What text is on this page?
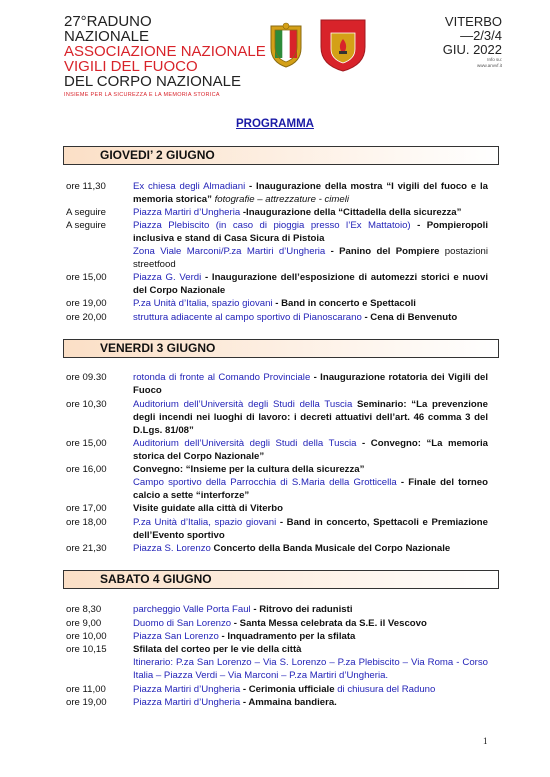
27°RADUNO
NAZIONALE
ASSOCIAZIONE NAZIONALE
VIGILI DEL FUOCO
DEL CORPO NAZIONALE
INSIEME PER LA SICUREZZA E LA MEMORIA STORICA
VITERBO
—2/3/4
GIU. 2022
Info su:
www.anvvf.it
PROGRAMMA
GIOVEDI’ 2 GIUGNO
VENERDI 3 GIUGNO
SABATO 4 GIUGNO
ore 11,30	Ex chiesa degli Almadiani - Inaugurazione della mostra “I vigili del fuoco e la memoria storica” fotografie – attrezzature - cimeli
A seguire	Piazza Martiri d’Ungheria -Inaugurazione della “Cittadella della sicurezza”
A seguire	Piazza Plebiscito (in caso di pioggia presso l’Ex Mattatoio) - Pompieropoli inclusiva e stand di Casa Sicura di Pistoia
Zona Viale Marconi/P.za Martiri d’Ungheria - Panino del Pompiere postazioni streetfood
ore 15,00	Piazza G. Verdi - Inaugurazione dell’esposizione di automezzi storici e nuovi del Corpo Nazionale
ore 19,00	P.za Unità d’Italia, spazio giovani - Band in concerto e Spettacoli
ore 20,00	struttura adiacente al campo sportivo di Pianoscarano - Cena di Benvenuto
ore 09.30	rotonda di fronte al Comando Provinciale - Inaugurazione rotatoria dei Vigili del Fuoco
ore 10,30	Auditorium dell’Università degli Studi della Tuscia Seminario: “La prevenzione degli incendi nei luoghi di lavoro: i decreti attuativi dell’art. 46 comma 3 del D.Lgs. 81/08”
ore 15,00	Auditorium dell’Università degli Studi della Tuscia - Convegno: “La memoria storica del Corpo Nazionale”
ore 16,00	Convegno: “Insieme per la cultura della sicurezza”
Campo sportivo della Parrocchia di S.Maria della Grotticella - Finale del torneo calcio a sette “interforze”
ore 17,00	Visite guidate alla città di Viterbo
ore 18,00	P.za Unità d’Italia, spazio giovani - Band in concerto, Spettacoli e Premiazione dell’Evento sportivo
ore 21,30	Piazza S. Lorenzo Concerto della Banda Musicale del Corpo Nazionale
ore 8,30	parcheggio Valle Porta Faul - Ritrovo dei radunisti
ore 9,00	Duomo di San Lorenzo - Santa Messa celebrata da S.E. il Vescovo
ore 10,00	Piazza San Lorenzo - Inquadramento per la sfilata
ore 10,15	Sfilata del corteo per le vie della città
Itinerario: P.za San Lorenzo – Via S. Lorenzo – P.za Plebiscito – Via Roma - Corso Italia – Piazza Verdi – Via Marconi – P.za Martiri d’Ungheria.
ore 11,00	Piazza Martiri d’Ungheria - Cerimonia ufficiale di chiusura del Raduno
ore 19,00	Piazza Martiri d’Ungheria - Ammaina bandiera.
1
